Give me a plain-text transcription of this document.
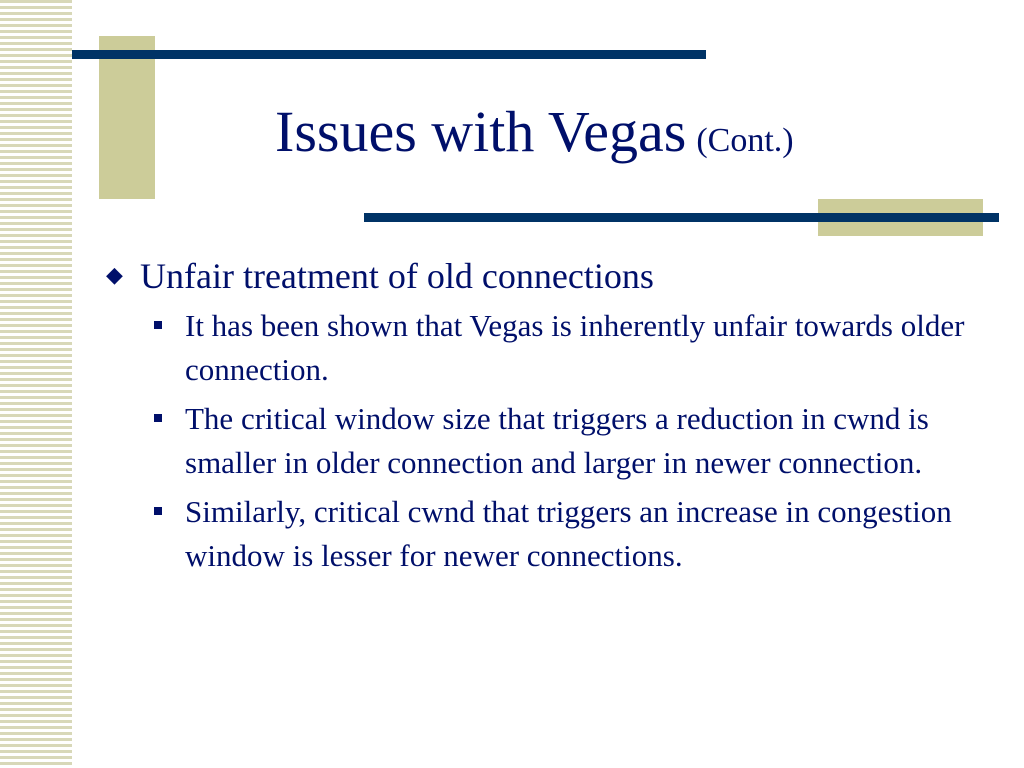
Issues with Vegas (Cont.)
◆ Unfair treatment of old connections
It has been shown that Vegas is inherently unfair towards older connection.
The critical window size that triggers a reduction in cwnd is smaller in older connection and larger in newer connection.
Similarly, critical cwnd that triggers an increase in congestion window is lesser for newer connections.
